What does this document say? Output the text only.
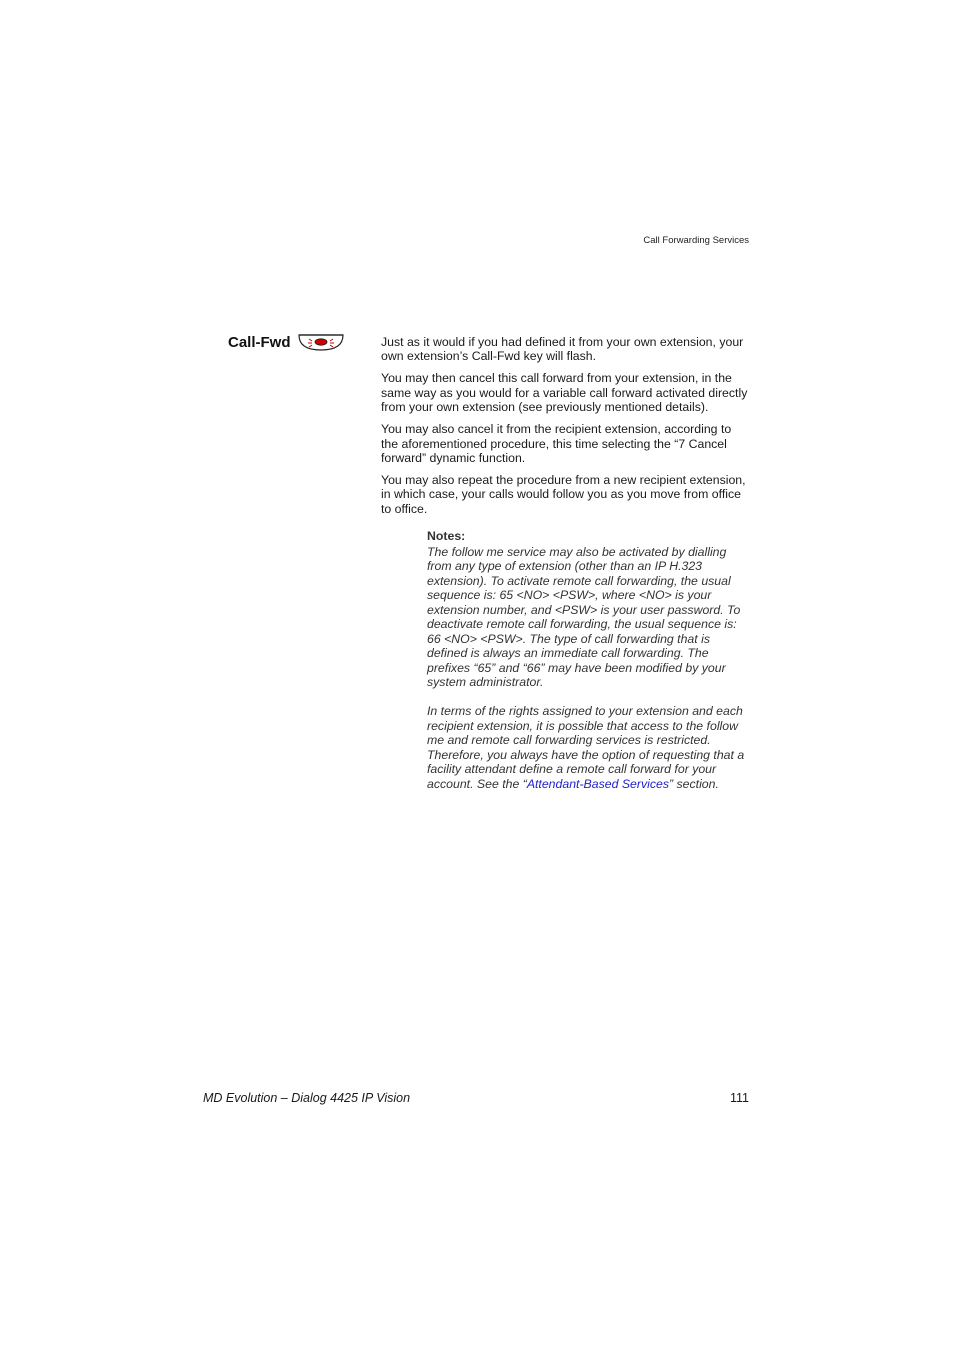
Call Forwarding Services
Call-Fwd	Just as it would if you had defined it from your own extension, your own extension’s Call-Fwd key will flash.

You may then cancel this call forward from your extension, in the same way as you would for a variable call forward activated directly from your own extension (see previously mentioned details).

You may also cancel it from the recipient extension, according to the aforementioned procedure, this time selecting the “7 Cancel forward” dynamic function.

You may also repeat the procedure from a new recipient extension, in which case, your calls would follow you as you move from office to office.

Notes:

The follow me service may also be activated by dialling from any type of extension (other than an IP H.323 extension). To activate remote call forwarding, the usual sequence is: 65 <NO> <PSW>, where <NO> is your extension number, and <PSW> is your user password. To deactivate remote call forwarding, the usual sequence is: 66 <NO> <PSW>. The type of call forwarding that is defined is always an immediate call forwarding. The prefixes “65” and “66” may have been modified by your system administrator.

In terms of the rights assigned to your extension and each recipient extension, it is possible that access to the follow me and remote call forwarding services is restricted. Therefore, you always have the option of requesting that a facility attendant define a remote call forward for your account. See the “Attendant-Based Services” section.

MD Evolution – Dialog 4425 IP Vision	111
